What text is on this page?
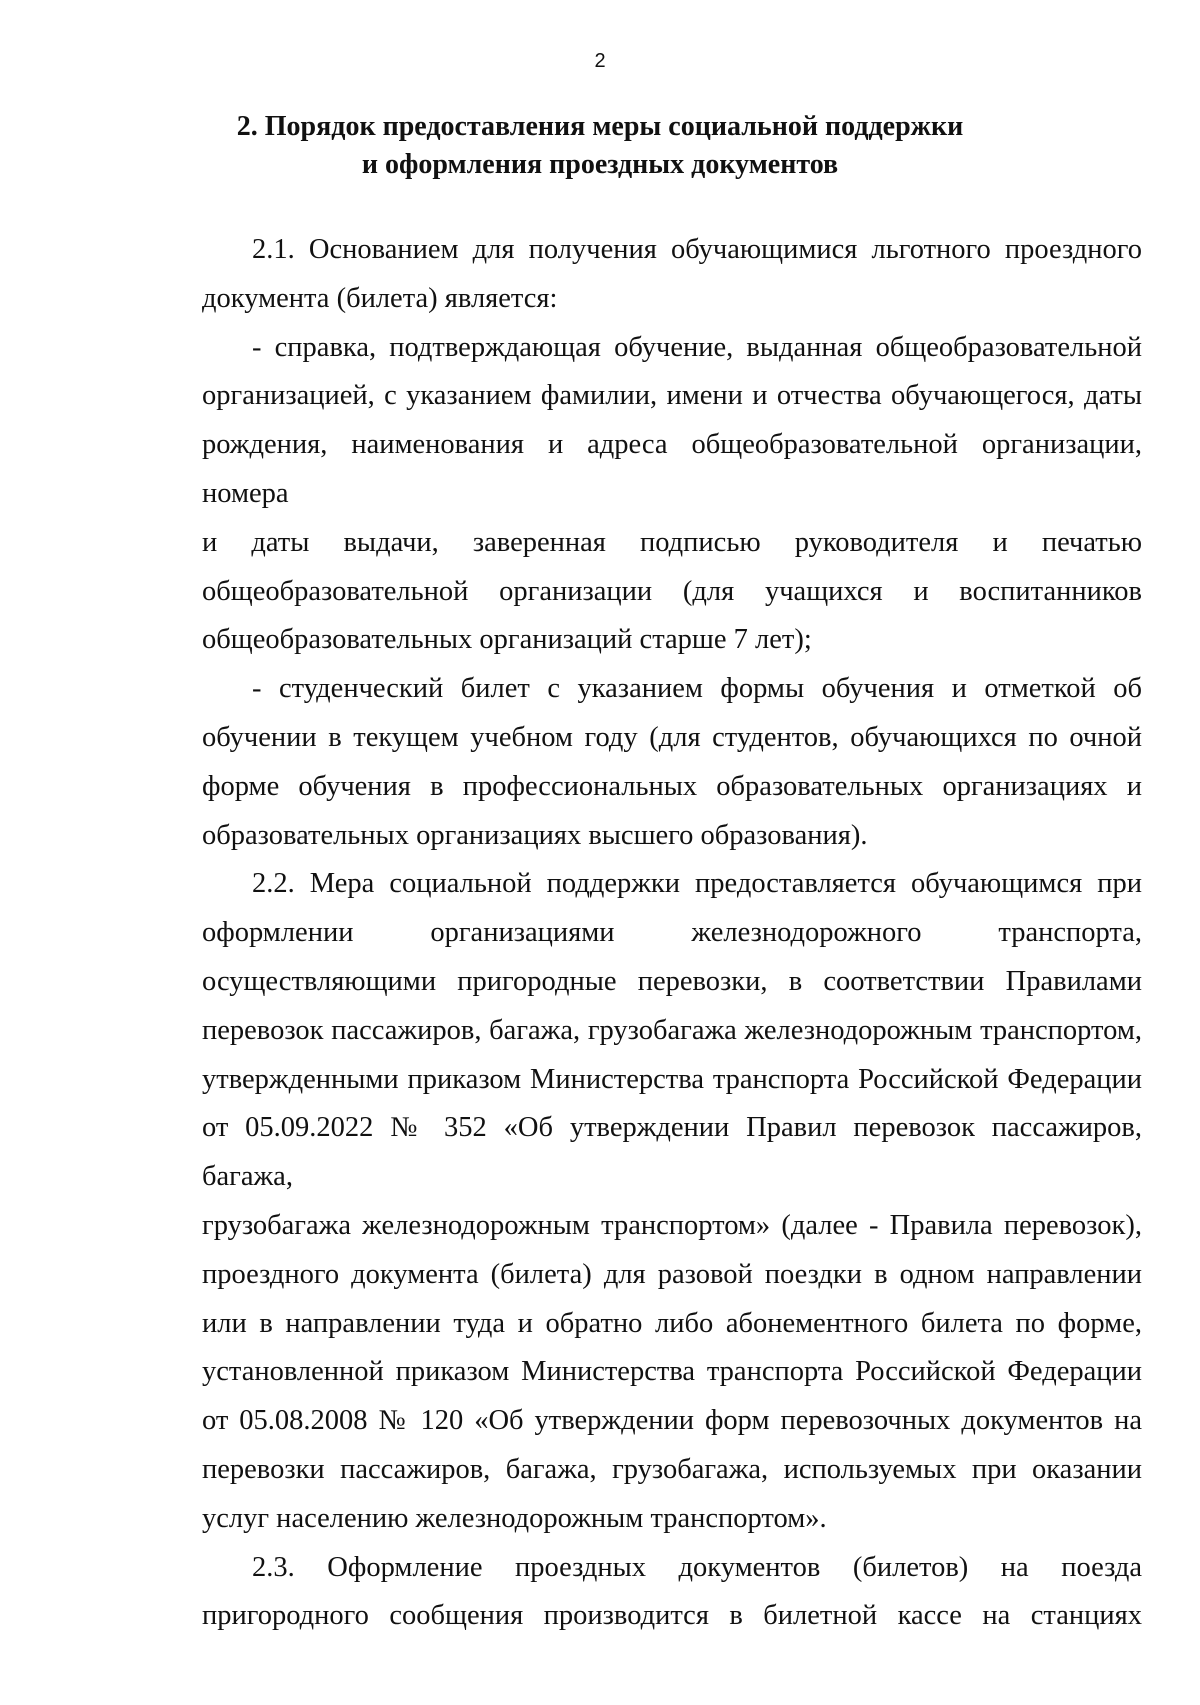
2
2. Порядок предоставления меры социальной поддержки
и оформления проездных документов
2.1. Основанием для получения обучающимися льготного проездного
документа (билета) является:
- справка, подтверждающая обучение, выданная общеобразовательной
организацией, с указанием фамилии, имени и отчества обучающегося, даты
рождения, наименования и адреса общеобразовательной организации, номера
и даты выдачи, заверенная подписью руководителя и печатью
общеобразовательной организации (для учащихся и воспитанников
общеобразовательных организаций старше 7 лет);
- студенческий билет с указанием формы обучения и отметкой об
обучении в текущем учебном году (для студентов, обучающихся по очной
форме обучения в профессиональных образовательных организациях и
образовательных организациях высшего образования).
2.2. Мера социальной поддержки предоставляется обучающимся при
оформлении организациями железнодорожного транспорта,
осуществляющими пригородные перевозки, в соответствии Правилами
перевозок пассажиров, багажа, грузобагажа железнодорожным транспортом,
утвержденными приказом Министерства транспорта Российской Федерации
от 05.09.2022 № 352 «Об утверждении Правил перевозок пассажиров, багажа,
грузобагажа железнодорожным транспортом» (далее - Правила перевозок),
проездного документа (билета) для разовой поездки в одном направлении
или в направлении туда и обратно либо абонементного билета по форме,
установленной приказом Министерства транспорта Российской Федерации
от 05.08.2008 № 120 «Об утверждении форм перевозочных документов на
перевозки пассажиров, багажа, грузобагажа, используемых при оказании
услуг населению железнодорожным транспортом».
2.3. Оформление проездных документов (билетов) на поезда
пригородного сообщения производится в билетной кассе на станциях
